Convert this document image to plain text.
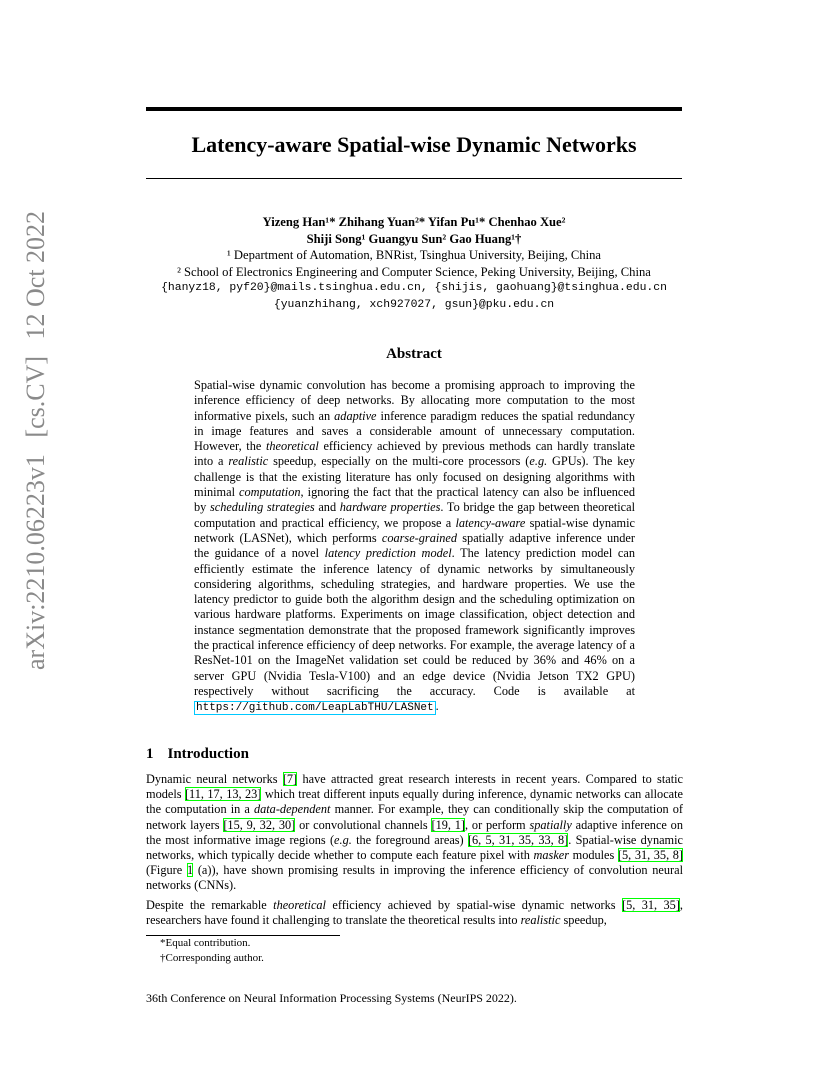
arXiv:2210.06223v1 [cs.CV] 12 Oct 2022
Latency-aware Spatial-wise Dynamic Networks
Yizeng Han¹* Zhihang Yuan²* Yifan Pu¹* Chenhao Xue²
Shiji Song¹ Guangyu Sun² Gao Huang¹†
¹ Department of Automation, BNRist, Tsinghua University, Beijing, China
² School of Electronics Engineering and Computer Science, Peking University, Beijing, China
{hanyz18, pyf20}@mails.tsinghua.edu.cn, {shijis, gaohuang}@tsinghua.edu.cn
{yuanzhihang, xch927027, gsun}@pku.edu.cn
Abstract
Spatial-wise dynamic convolution has become a promising approach to improving the inference efficiency of deep networks. By allocating more computation to the most informative pixels, such an adaptive inference paradigm reduces the spatial redundancy in image features and saves a considerable amount of unnecessary computation. However, the theoretical efficiency achieved by previous methods can hardly translate into a realistic speedup, especially on the multi-core processors (e.g. GPUs). The key challenge is that the existing literature has only focused on designing algorithms with minimal computation, ignoring the fact that the practical latency can also be influenced by scheduling strategies and hardware properties. To bridge the gap between theoretical computation and practical efficiency, we propose a latency-aware spatial-wise dynamic network (LASNet), which performs coarse-grained spatially adaptive inference under the guidance of a novel latency prediction model. The latency prediction model can efficiently estimate the inference latency of dynamic networks by simultaneously considering algorithms, scheduling strategies, and hardware properties. We use the latency predictor to guide both the algorithm design and the scheduling optimization on various hardware platforms. Experiments on image classification, object detection and instance segmentation demonstrate that the proposed framework significantly improves the practical inference efficiency of deep networks. For example, the average latency of a ResNet-101 on the ImageNet validation set could be reduced by 36% and 46% on a server GPU (Nvidia Tesla-V100) and an edge device (Nvidia Jetson TX2 GPU) respectively without sacrificing the accuracy. Code is available at https://github.com/LeapLabTHU/LASNet .
1 Introduction
Dynamic neural networks [7] have attracted great research interests in recent years. Compared to static models [11, 17, 13, 23] which treat different inputs equally during inference, dynamic networks can allocate the computation in a data-dependent manner. For example, they can conditionally skip the computation of network layers [15, 9, 32, 30] or convolutional channels [19, 1], or perform spatially adaptive inference on the most informative image regions (e.g. the foreground areas) [6, 5, 31, 35, 33, 8]. Spatial-wise dynamic networks, which typically decide whether to compute each feature pixel with masker modules [5, 31, 35, 8] (Figure 1 (a)), have shown promising results in improving the inference efficiency of convolution neural networks (CNNs).
Despite the remarkable theoretical efficiency achieved by spatial-wise dynamic networks [5, 31, 35], researchers have found it challenging to translate the theoretical results into realistic speedup,
*Equal contribution.
†Corresponding author.
36th Conference on Neural Information Processing Systems (NeurIPS 2022).
